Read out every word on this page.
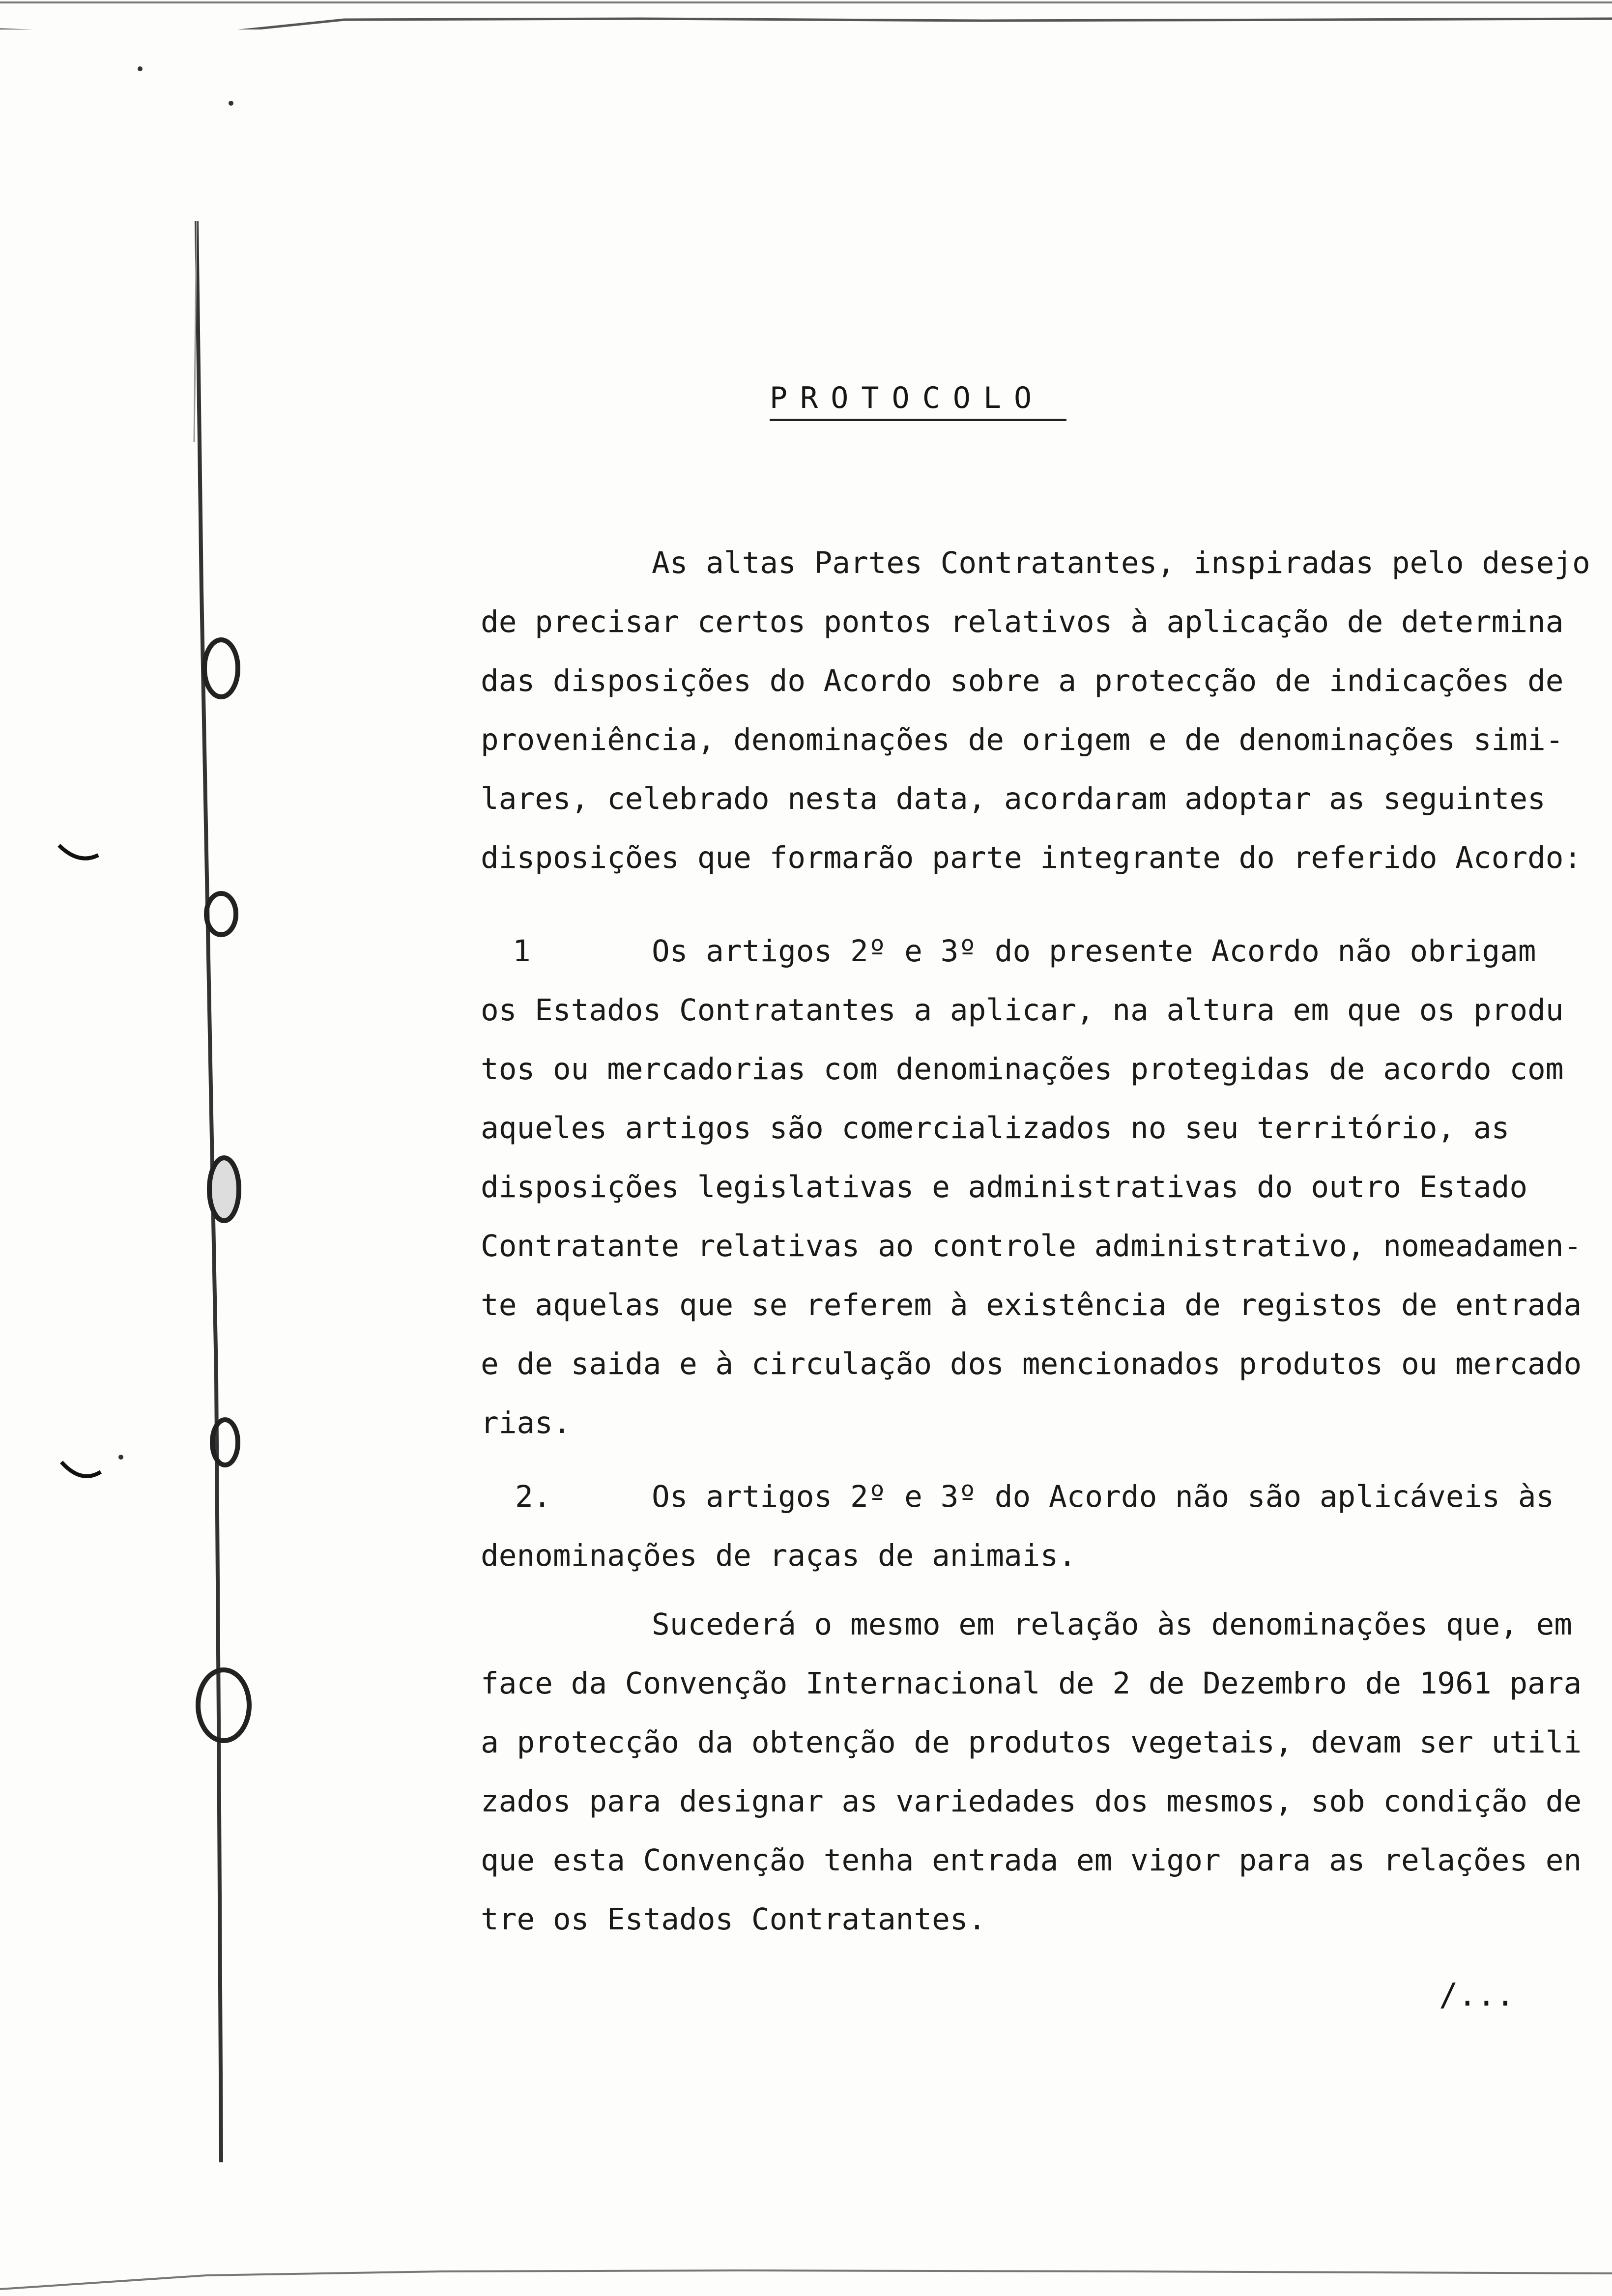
PROTOCOLO
As altas Partes Contratantes, inspiradas pelo desejo
de precisar certos pontos relativos à aplicação de determina
das disposições do Acordo sobre a protecção de indicações de
proveniência, denominações de origem e de denominações simi-
lares, celebrado nesta data, acordaram adoptar as seguintes
disposições que formarão parte integrante do referido Acordo:
1	Os artigos 2º e 3º do presente Acordo não obrigam
os Estados Contratantes a aplicar, na altura em que os produ
tos ou mercadorias com denominações protegidas de acordo com
aqueles artigos são comercializados no seu território, as
disposições legislativas e administrativas do outro Estado
Contratante relativas ao controle administrativo, nomeadamen-
te aquelas que se referem à existência de registos de entrada
e de saida e à circulação dos mencionados produtos ou mercado
rias.
2.	Os artigos 2º e 3º do Acordo não são aplicáveis às
denominações de raças de animais.
Sucederá o mesmo em relação às denominações que, em
face da Convenção Internacional de 2 de Dezembro de 1961 para
a protecção da obtenção de produtos vegetais, devam ser utili
zados para designar as variedades dos mesmos, sob condição de
que esta Convenção tenha entrada em vigor para as relações en
tre os Estados Contratantes.
/...
